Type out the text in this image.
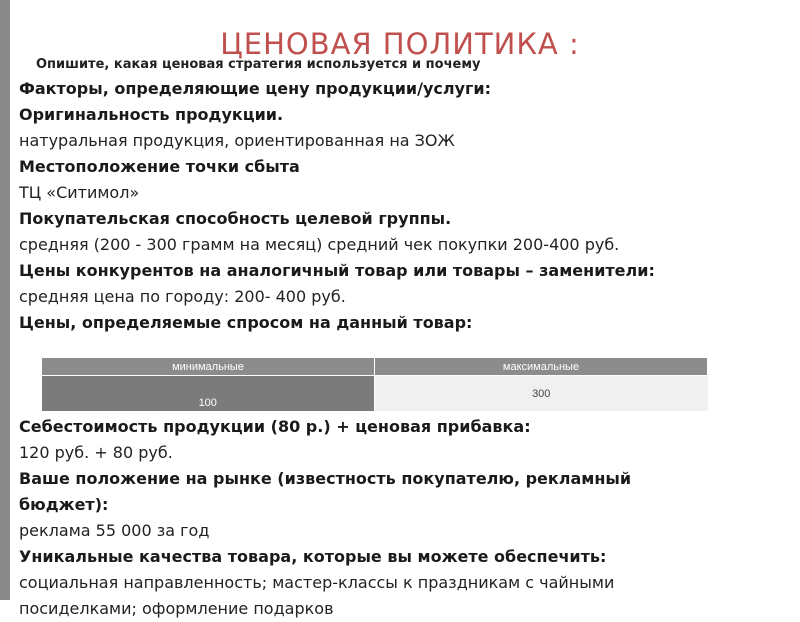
ЦЕНОВАЯ ПОЛИТИКА :
Факторы, определяющие цену продукции/услуги:
Оригинальность продукции.
натуральная продукция, ориентированная на ЗОЖ
Местоположение точки сбыта
ТЦ «Ситимол»
Покупательская способность целевой группы.
средняя (200 - 300 грамм на месяц) средний чек покупки 200-400 руб.
Цены конкурентов на аналогичный товар или товары – заменители:
средняя цена по городу: 200- 400 руб.
Цены, определяемые спросом на данный товар:
Себестоимость продукции (80 р.) + ценовая прибавка:
120 руб. + 80 руб.
Ваше положение на рынке (известность покупателю, рекламный
бюджет):
реклама 55 000 за год
Уникальные качества товара, которые вы можете обеспечить:
социальная направленность; мастер-классы к праздникам с чайными
посиделками; оформление подарков
Опишите, какая ценовая стратегия используется и почему
минимальные	максимальные
100	300
